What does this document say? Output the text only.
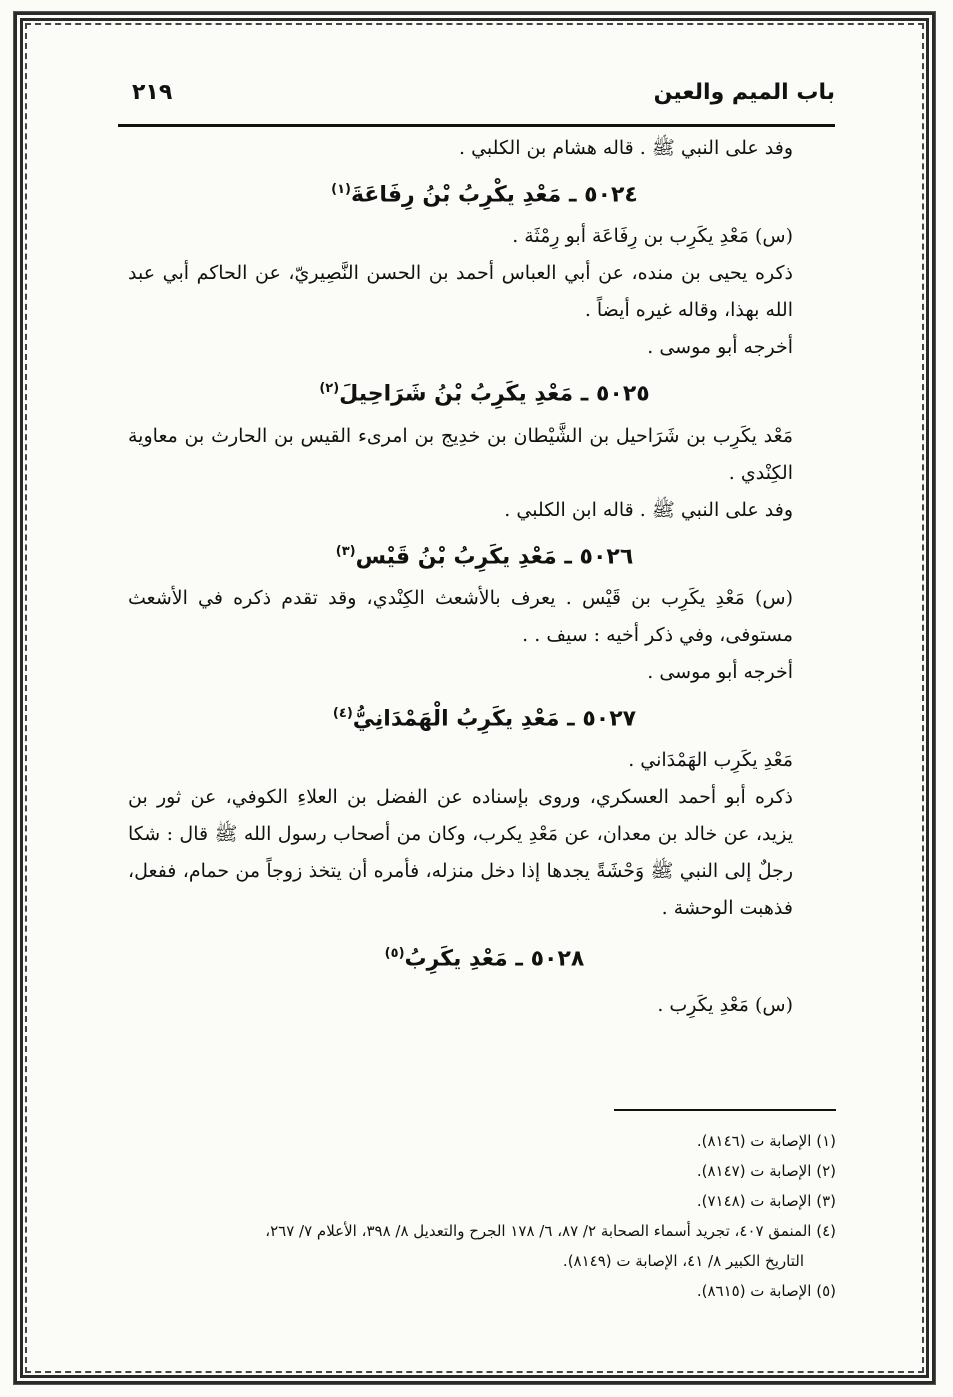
٢١٩	باب الميم والعين

وفد على النبي ﷺ . قاله هشام بن الكلبي .

٥٠٢٤ ـ مَعْدِ يكْرِبُ بْنُ رِفَاعَةَ$^{(١)}$

(س) مَعْدِ يكَرِب بن رِفَاعَة أبو رِمْثَة .

ذكره يحيى بن منده، عن أبي العباس أحمد بن الحسن النَّصِيريّ، عن الحاكم أبي عبد الله بهذا، وقاله غيره أيضاً .

أخرجه أبو موسى .

٥٠٢٥ ـ مَعْدِ يكَرِبُ بْنُ شَرَاحِيلَ$^{(٢)}$

مَعْد يكَرِب بن شَرَاحيل بن الشَّيْطان بن خدِيج بن امرىء القيس بن الحارث بن معاوية الكِنْدي .

وفد على النبي ﷺ . قاله ابن الكلبي .

٥٠٢٦ ـ مَعْدِ يكَرِبُ بْنُ قَيْس$^{(٣)}$

(س) مَعْدِ يكَرِب بن قَيْس . يعرف بالأشعث الكِنْدي، وقد تقدم ذكره في الأشعث مستوفى، وفي ذكر أخيه : سيف . .

أخرجه أبو موسى .

٥٠٢٧ ـ مَعْدِ يكَرِبُ الْهَمْدَانِيُّ$^{(٤)}$

مَعْدِ يكَرِب الهَمْدَاني .

ذكره أبو أحمد العسكري، وروى بإسناده عن الفضل بن العلاءِ الكوفي، عن ثور بن يزيد، عن خالد بن معدان، عن مَعْدِ يكرب، وكان من أصحاب رسول الله ﷺ قال : شكا رجلٌ إلى النبي ﷺ وَحْشَةً يجدها إذا دخل منزله، فأمره أن يتخذ زوجاً من حمام، ففعل، فذهبت الوحشة .

٥٠٢٨ ـ مَعْدِ يكَرِبُ$^{(٥)}$

(س) مَعْدِ يكَرِب .

(١) الإصابة ت (٨١٤٦).

(٢) الإصابة ت (٨١٤٧).

(٣) الإصابة ت (٧١٤٨).

(٤) المنمق ٤٠٧، تجريد أسماء الصحابة ٢/ ٨٧، ٦/ ١٧٨ الجرح والتعديل ٨/ ٣٩٨، الأعلام ٧/ ٢٦٧،

التاريخ الكبير ٨/ ٤١، الإصابة ت (٨١٤٩).

(٥) الإصابة ت (٨٦١٥).
